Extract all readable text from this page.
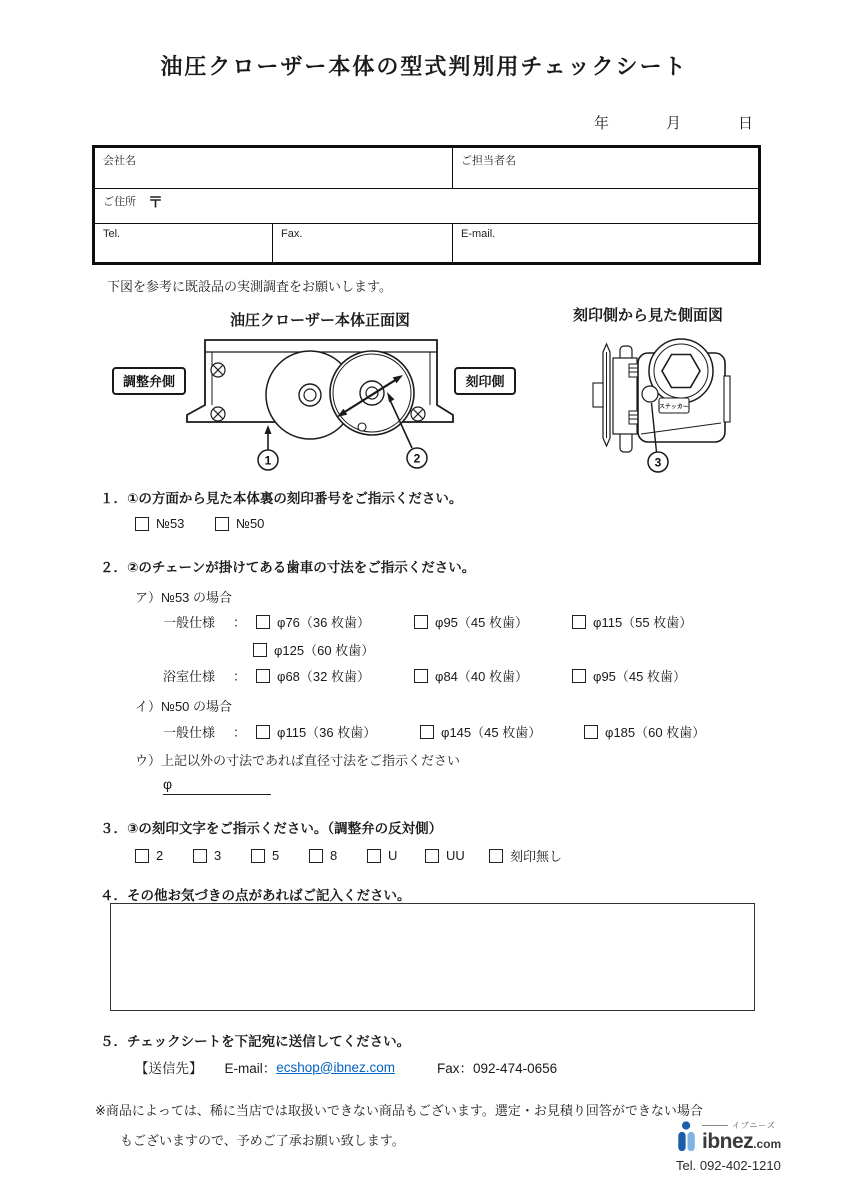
油圧クローザー本体の型式判別用チェックシート
年	月	日
会社名	ご担当者名
ご住所 〒
Tel.	Fax.	E-mail.
下図を参考に既設品の実測調査をお願いします。
油圧クローザー本体正面図	刻印側から見た側面図
調整弁側	刻印側
1	2
ステッカー
3
１．①の方面から見た本体裏の刻印番号をご指示ください。
№53	№50
２．②のチェーンが掛けてある歯車の寸法をご指示ください。
ア）№53 の場合
一般仕様	： φ76（36 枚歯）	φ95（45 枚歯）	φ115（55 枚歯）
φ125（60 枚歯）
浴室仕様	： φ68（32 枚歯）	φ84（40 枚歯）	φ95（45 枚歯）
イ）№50 の場合
一般仕様	： φ115（36 枚歯）	φ145（45 枚歯）	φ185（60 枚歯）
ウ）上記以外の寸法であれば直径寸法をご指示ください
φ
３．③の刻印文字をご指示ください。（調整弁の反対側）
2	3	5	8	U	UU	刻印無し
４．その他お気づきの点があればご記入ください。
５．チェックシートを下記宛に送信してください。
【送信先】 E-mail： ecshop@ibnez.com	Fax：092-474-0656
※商品によっては、稀に当店では取扱いできない商品もございます。選定・お見積り回答ができない場合
もございますので、予めご了承お願い致します。
イブニーズ
ibnez.com
Tel. 092-402-1210
